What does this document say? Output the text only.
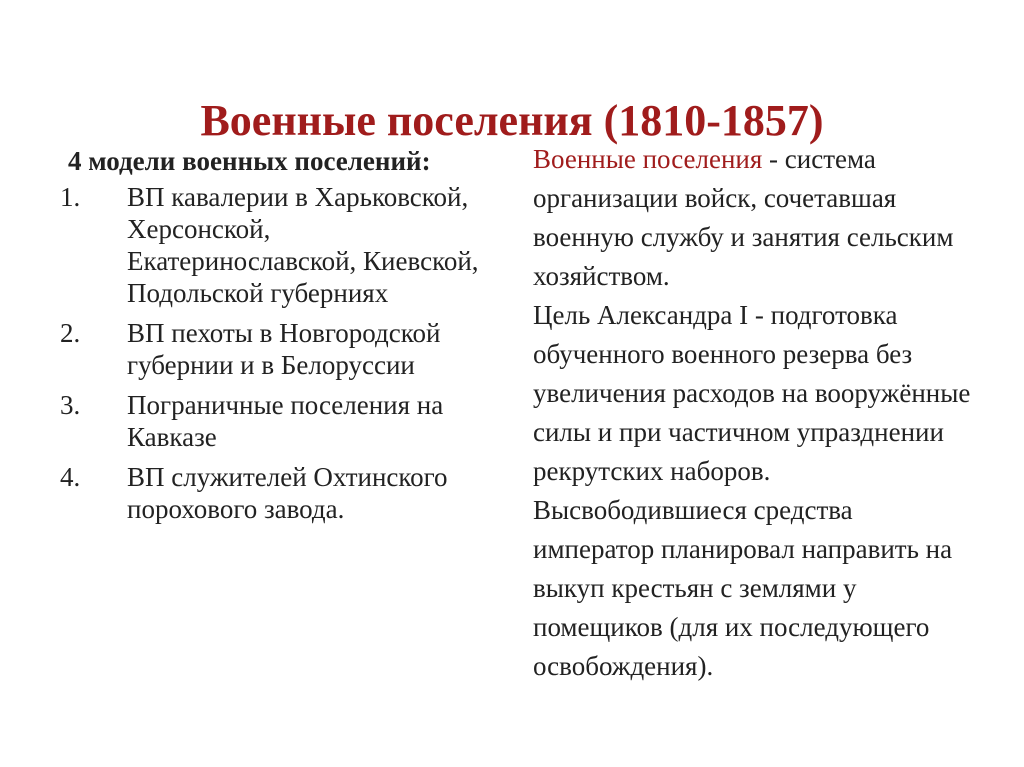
Военные поселения (1810-1857)
4 модели военных поселений:
1.	ВП кавалерии в Харьковской, Херсонской, Екатеринославской, Киевской, Подольской губерниях
2.	ВП пехоты в Новгородской губернии и в Белоруссии
3.	Пограничные поселения на Кавказе
4.	ВП служителей Охтинского порохового завода.

Военные поселения - система организации войск, сочетавшая военную службу и занятия сельским хозяйством.

Цель Александра I - подготовка обученного военного резерва без увеличения расходов на вооружённые силы и при частичном упразднении рекрутских наборов. Высвободившиеся средства император планировал направить на выкуп крестьян с землями у помещиков (для их последующего освобождения).
